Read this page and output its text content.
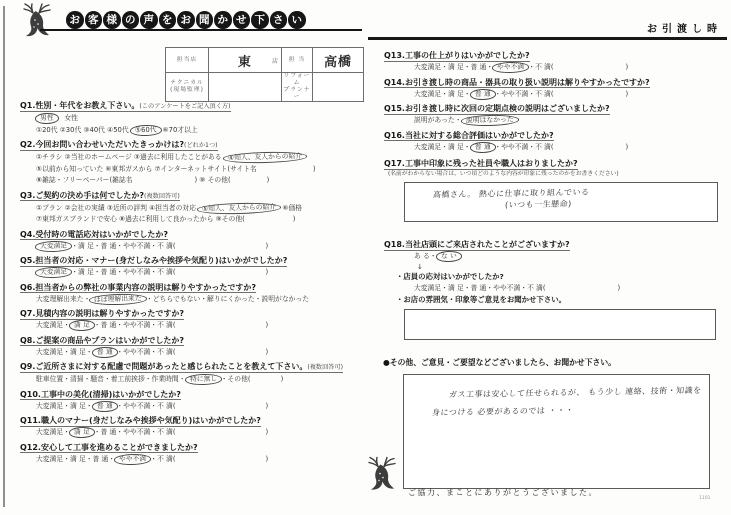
お 客 様 の 声 を お 聞 か せ 下 さ い
担当店	東 店	担 当	高橋

テクニカル
(現場監理)

リフォーム
プランナー

Q1.性別・年代をお教え下さい。(このアンケートをご記入頂く方)
男性　女性
①20代 ②30代 ③40代 ④50代 ⑤60代 ⑥70才以上
Q2.今回お問い合わせいただいたきっかけは?(どれか1つ)
①チラシ ②当社のホームページ ③過去に利用したことがある ④知人、友人からの紹介
⑤以前から知っていた ⑥東邦ガスから ⑦インターネットサイト(サイト名	)
⑧雑誌・フリーペーパー(雑誌名	) ⑨ その他(	)
Q3.ご契約の決め手は何でしたか?(複数回答可)
①プラン ②会社の実績 ③近所の評判 ④担当者の対応 ⑤知人、友人からの紹介 ⑥価格
⑦東邦ガスブランドで安心 ⑧過去に利用して良かったから ⑨その他(	)
Q4.受付時の電話応対はいかがでしたか?
大変満足 ・満 足・普 通・やや不満・不 満(	)
Q5.担当者の対応・マナー(身だしなみや挨拶や気配り)はいかがでしたか?
大変満足 ・満 足・普 通・やや不満・不 満(	)
Q6.担当者からの弊社の事業内容の説明は解りやすかったですか?
大変理解出来た・ ほぼ理解出来た ・どちらでもない・解りにくかった・説明がなかった
Q7.見積内容の説明は解りやすかったですか?
大変満足・ 満 足 ・普 通・やや不満・不 満(	)
Q8.ご提案の商品やプランはいかがでしたか?
大変満足・満 足・ 普 通 ・やや不満・不 満(	)
Q9.ご近所さまに対する配慮で問題があったと感じられたことを教えて下さい。(複数回答可)
駐車位置・清掃・騒音・着工前挨拶・作業時間・ 特に無し ・その他(	)
Q10.工事中の美化(清掃)はいかがでしたか?
大変満足・満 足・ 普 通 ・やや不満・不 満(	)
Q11.職人のマナー(身だしなみや挨拶や気配り)はいかがでしたか?
大変満足・ 満 足 ・普 通・やや不満・不 満(	)
Q12.安心して工事を進めることができましたか?
大変満足・満 足・普 通・ やや不満 ・不 満(	)
お引渡し時
Q13.工事の仕上がりはいかがでしたか?
大変満足・満 足・普 通・ やや不満 ・不 満(	)
Q14.お引き渡し時の商品・器具の取り扱い説明は解りやすかったですか?
大変満足・満 足・ 普 通 ・やや不満・不 満(	)
Q15.お引き渡し時に次回の定期点検の説明はございましたか?
説明があった・ 説明はなかった
Q16.当社に対する総合評価はいかがでしたか?
大変満足・満 足・ 普 通 ・やや不満・不 満(	)
Q17.工事中印象に残った社員や職人はおりましたか?
(名前がわからない場合は、いつ頃どのような内容が印象に残ったのかをお書きください)
高橋さん。 熱心に仕事に取り組んでいる
(いつも一生懸命)
Q18.当社店頭にご来店されたことがございますか?
あ る・ な い
↓
・店員の応対はいかがでしたか?
大変満足・満 足・普 通・やや不満・不 満(	)
・お店の雰囲気・印象等ご意見をお聞かせ下さい。
●その他、ご意見・ご要望などございましたら、お聞かせ下さい。
ガス工事は安心して任せられるが、 もう少し 連絡、技術・知識を
身につける 必要があるのでは ・・・
ご協力、まことにありがとうございました。
1101
